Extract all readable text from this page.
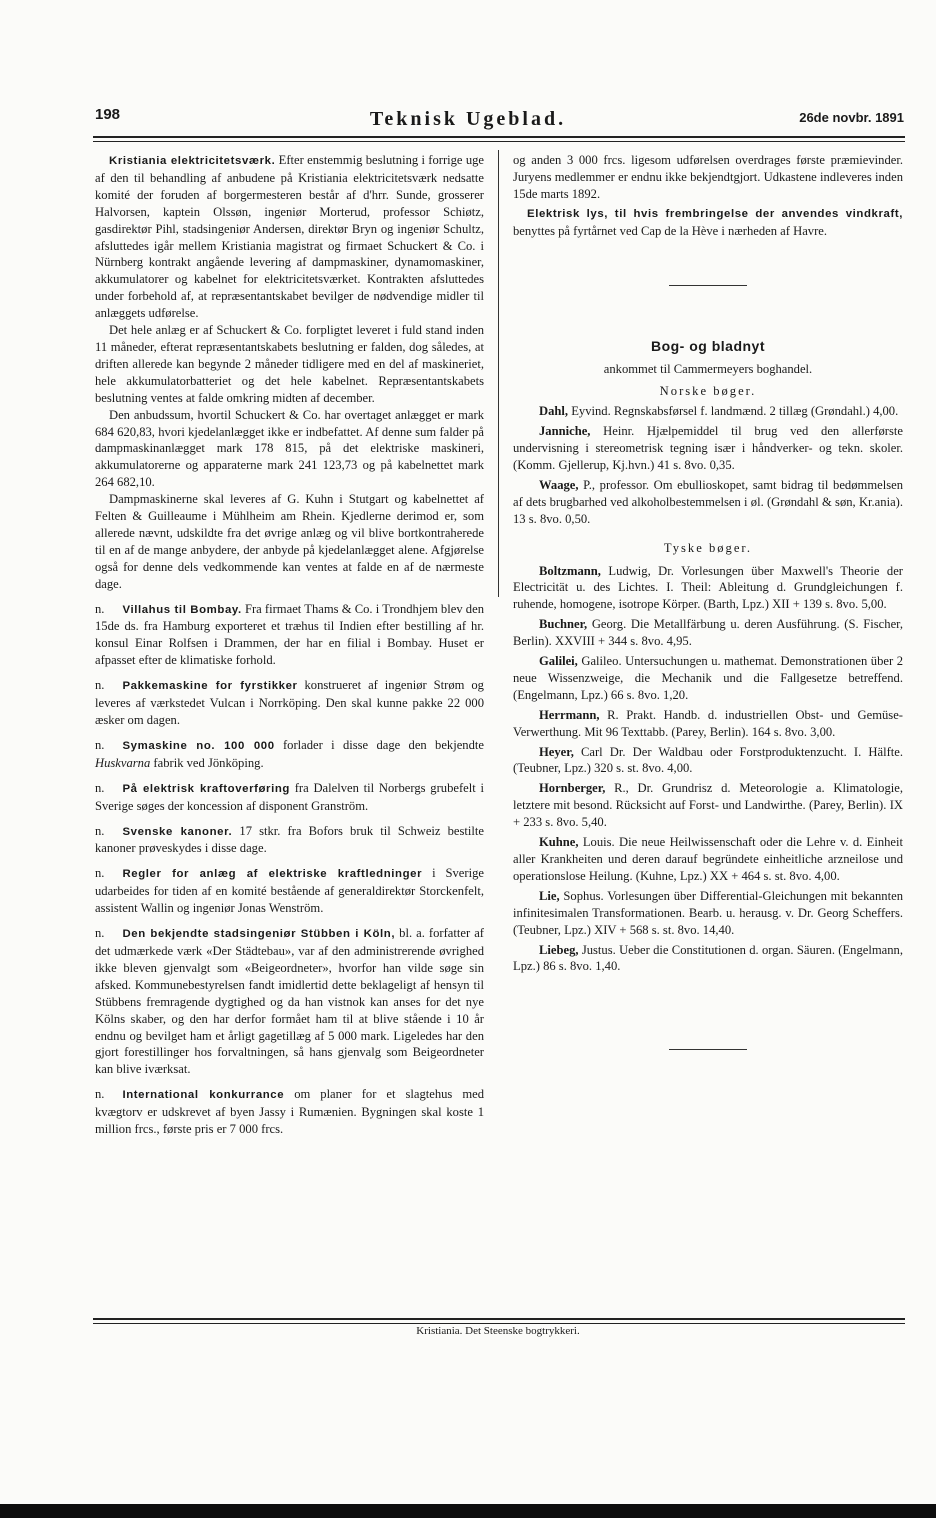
198	Teknisk Ugeblad.	26de novbr. 1891

Kristiania elektricitetsværk. Efter enstemmig beslutning i forrige uge af den til behandling af anbudene på Kristiania elektricitetsværk nedsatte komité der foruden af borgermesteren består af d'hrr. Sunde, grosserer Halvorsen, kaptein Olssøn, ingeniør Morterud, professor Schiøtz, gasdirektør Pihl, stadsingeniør Andersen, direktør Bryn og ingeniør Schultz, afsluttedes igår mellem Kristiania magistrat og firmaet Schuckert & Co. i Nürnberg kontrakt angående levering af dampmaskiner, dynamomaskiner, akkumulatorer og kabelnet for elektricitetsværket. Kontrakten afsluttedes under forbehold af, at repræsentantskabet bevilger de nødvendige midler til anlæggets udførelse.

Det hele anlæg er af Schuckert & Co. forpligtet leveret i fuld stand inden 11 måneder, efterat repræsentantskabets beslutning er falden, dog således, at driften allerede kan begynde 2 måneder tidligere med en del af maskineriet, hele akkumulatorbatteriet og det hele kabelnet. Repræsentantskabets beslutning ventes at falde omkring midten af december.

Den anbudssum, hvortil Schuckert & Co. har overtaget anlægget er mark 684 620,83, hvori kjedelanlægget ikke er indbefattet. Af denne sum falder på dampmaskinanlægget mark 178 815, på det elektriske maskineri, akkumulatorerne og apparaterne mark 241 123,73 og på kabelnettet mark 264 682,10.

Dampmaskinerne skal leveres af G. Kuhn i Stutgart og kabelnettet af Felten & Guilleaume i Mühlheim am Rhein. Kjedlerne derimod er, som allerede nævnt, udskildte fra det øvrige anlæg og vil blive bortkontraherede til en af de mange anbydere, der anbyde på kjedelanlægget alene. Afgjørelse også for denne dels vedkommende kan ventes at falde en af de nærmeste dage.

n. Villahus til Bombay. Fra firmaet Thams & Co. i Trondhjem blev den 15de ds. fra Hamburg exporteret et træhus til Indien efter bestilling af hr. konsul Einar Rolfsen i Drammen, der har en filial i Bombay. Huset er afpasset efter de klimatiske forhold.

n. Pakkemaskine for fyrstikker konstrueret af ingeniør Strøm og leveres af værkstedet Vulcan i Norrköping. Den skal kunne pakke 22 000 æsker om dagen.

n. Symaskine no. 100 000 forlader i disse dage den bekjendte Huskvarna fabrik ved Jönköping.

n. På elektrisk kraftoverføring fra Dalelven til Norbergs grubefelt i Sverige søges der koncession af disponent Granström.

n. Svenske kanoner. 17 stkr. fra Bofors bruk til Schweiz bestilte kanoner prøveskydes i disse dage.

n. Regler for anlæg af elektriske kraftledninger i Sverige udarbeides for tiden af en komité bestående af generaldirektør Storckenfelt, assistent Wallin og ingeniør Jonas Wenström.

n. Den bekjendte stadsingeniør Stübben i Köln, bl. a. forfatter af det udmærkede værk «Der Städtebau», var af den administrerende øvrighed ikke bleven gjenvalgt som «Beigeordneter», hvorfor han vilde søge sin afsked. Kommunebestyrelsen fandt imidlertid dette beklageligt af hensyn til Stübbens fremragende dygtighed og da han vistnok kan anses for det nye Kölns skaber, og den har derfor formået ham til at blive stående i 10 år endnu og bevilget ham et årligt gagetillæg af 5 000 mark. Ligeledes har den gjort forestillinger hos forvaltningen, så hans gjenvalg som Beigeordneter kan blive iværksat.

n. International konkurrance om planer for et slagtehus med kvægtorv er udskrevet af byen Jassy i Rumænien. Bygningen skal koste 1 million frcs., første pris er 7 000 frcs.

og anden 3 000 frcs. ligesom udførelsen overdrages første præmievinder. Juryens medlemmer er endnu ikke bekjendtgjort. Udkastene indleveres inden 15de marts 1892.

Elektrisk lys, til hvis frembringelse der anvendes vindkraft, benyttes på fyrtårnet ved Cap de la Hève i nærheden af Havre.

Bog- og bladnyt

ankommet til Cammermeyers boghandel.

Norske bøger.

Dahl, Eyvind. Regnskabsførsel f. landmænd. 2 tillæg (Grøndahl.) 4,00.

Janniche, Heinr. Hjælpemiddel til brug ved den allerførste undervisning i stereometrisk tegning især i håndverker- og tekn. skoler. (Komm. Gjellerup, Kj.hvn.) 41 s. 8vo. 0,35.

Waage, P., professor. Om ebullioskopet, samt bidrag til bedømmelsen af dets brugbarhed ved alkoholbestemmelsen i øl. (Grøndahl & søn, Kr.ania). 13 s. 8vo. 0,50.

Tyske bøger.

Boltzmann, Ludwig, Dr. Vorlesungen über Maxwell's Theorie der Electricität u. des Lichtes. I. Theil: Ableitung d. Grundgleichungen f. ruhende, homogene, isotrope Körper. (Barth, Lpz.) XII + 139 s. 8vo. 5,00.

Buchner, Georg. Die Metallfärbung u. deren Ausführung. (S. Fischer, Berlin). XXVIII + 344 s. 8vo. 4,95.

Galilei, Galileo. Untersuchungen u. mathemat. Demonstrationen über 2 neue Wissenzweige, die Mechanik und die Fallgesetze betreffend. (Engelmann, Lpz.) 66 s. 8vo. 1,20.

Herrmann, R. Prakt. Handb. d. industriellen Obst- und Gemüse-Verwerthung. Mit 96 Texttabb. (Parey, Berlin). 164 s. 8vo. 3,00.

Heyer, Carl Dr. Der Waldbau oder Forstproduktenzucht. I. Hälfte. (Teubner, Lpz.) 320 s. st. 8vo. 4,00.

Hornberger, R., Dr. Grundrisz d. Meteorologie a. Klimatologie, letztere mit besond. Rücksicht auf Forst- und Landwirthe. (Parey, Berlin). IX + 233 s. 8vo. 5,40.

Kuhne, Louis. Die neue Heilwissenschaft oder die Lehre v. d. Einheit aller Krankheiten und deren darauf begründete einheitliche arzneilose und operationslose Heilung. (Kuhne, Lpz.) XX + 464 s. st. 8vo. 4,00.

Lie, Sophus. Vorlesungen über Differential-Gleichungen mit bekannten infinitesimalen Transformationen. Bearb. u. herausg. v. Dr. Georg Scheffers. (Teubner, Lpz.) XIV + 568 s. st. 8vo. 14,40.

Liebeg, Justus. Ueber die Constitutionen d. organ. Säuren. (Engelmann, Lpz.) 86 s. 8vo. 1,40.

Kristiania. Det Steenske bogtrykkeri.
